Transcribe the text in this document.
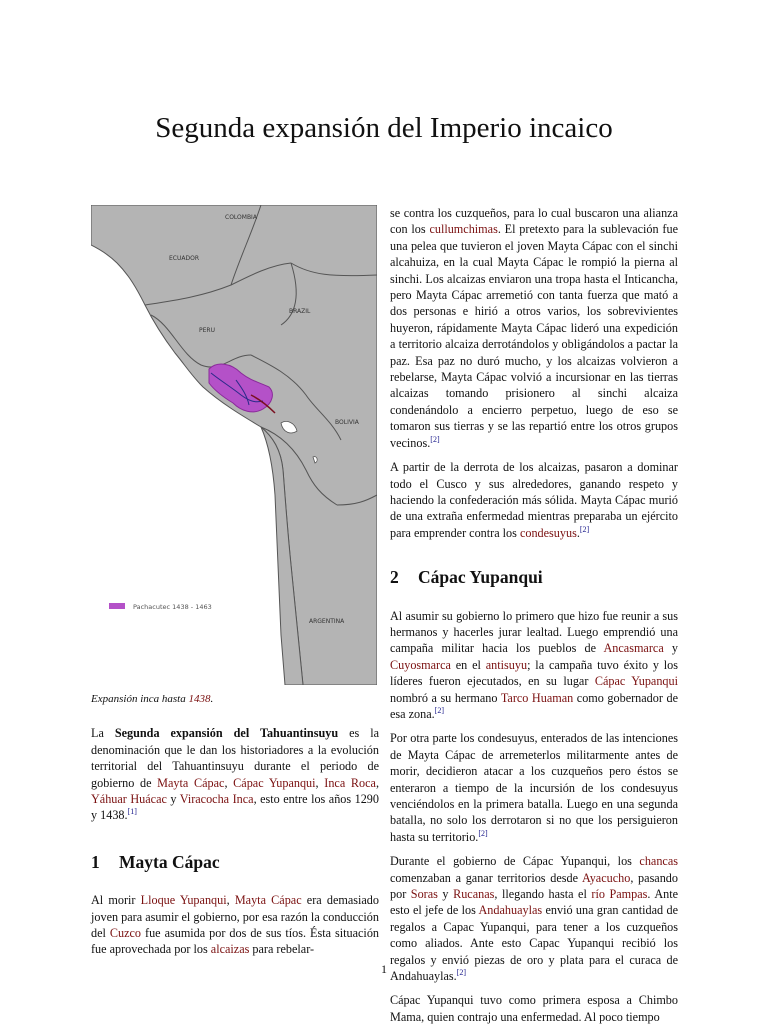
Segunda expansión del Imperio incaico
COLOMBIA
ECUADOR
BRAZIL
PERU
BOLIVIA
ARGENTINA
Pachacutec 1438 - 1463
Expansión inca hasta 1438.

La Segunda expansión del Tahuantinsuyu es la denominación que le dan los historiadores a la evolución territorial del Tahuantinsuyu durante el periodo de gobierno de Mayta Cápac, Cápac Yupanqui, Inca Roca, Yáhuar Huácac y Viracocha Inca, esto entre los años 1290 y 1438.[1]

1 Mayta Cápac

Al morir Lloque Yupanqui, Mayta Cápac era demasiado joven para asumir el gobierno, por esa razón la conducción del Cuzco fue asumida por dos de sus tíos. Ésta situación fue aprovechada por los alcaizas para rebelar-

se contra los cuzqueños, para lo cual buscaron una alianza con los cullumchimas. El pretexto para la sublevación fue una pelea que tuvieron el joven Mayta Cápac con el sinchi alcahuiza, en la cual Mayta Cápac le rompió la pierna al sinchi. Los alcaizas enviaron una tropa hasta el Inticancha, pero Mayta Cápac arremetió con tanta fuerza que mató a dos personas e hirió a otros varios, los sobrevivientes huyeron, rápidamente Mayta Cápac lideró una expedición a territorio alcaiza derrotándolos y obligándolos a pactar la paz. Esa paz no duró mucho, y los alcaizas volvieron a rebelarse, Mayta Cápac volvió a incursionar en las tierras alcaizas tomando prisionero al sinchi alcaiza condenándolo a encierro perpetuo, luego de eso se tomaron sus tierras y se las repartió entre los otros grupos vecinos.[2]

A partir de la derrota de los alcaizas, pasaron a dominar todo el Cusco y sus alrededores, ganando respeto y haciendo la confederación más sólida. Mayta Cápac murió de una extraña enfermedad mientras preparaba un ejército para emprender contra los condesuyus.[2]

2 Cápac Yupanqui

Al asumir su gobierno lo primero que hizo fue reunir a sus hermanos y hacerles jurar lealtad. Luego emprendió una campaña militar hacia los pueblos de Ancasmarca y Cuyosmarca en el antisuyu; la campaña tuvo éxito y los líderes fueron ejecutados, en su lugar Cápac Yupanqui nombró a su hermano Tarco Huaman como gobernador de esa zona.[2]

Por otra parte los condesuyus, enterados de las intenciones de Mayta Cápac de arremeterlos militarmente antes de morir, decidieron atacar a los cuzqueños pero éstos se enteraron a tiempo de la incursión de los condesuyus venciéndolos en la primera batalla. Luego en una segunda batalla, no solo los derrotaron si no que los persiguieron hasta su territorio.[2]

Durante el gobierno de Cápac Yupanqui, los chancas comenzaban a ganar territorios desde Ayacucho, pasando por Soras y Rucanas, llegando hasta el río Pampas. Ante esto el jefe de los Andahuaylas envió una gran cantidad de regalos a Capac Yupanqui, para tener a los cuzqueños como aliados. Ante esto Capac Yupanqui recibió los regalos y envió piezas de oro y plata para el curaca de Andahuaylas.[2]

Cápac Yupanqui tuvo como primera esposa a Chimbo Mama, quien contrajo una enfermedad. Al poco tiempo

1
